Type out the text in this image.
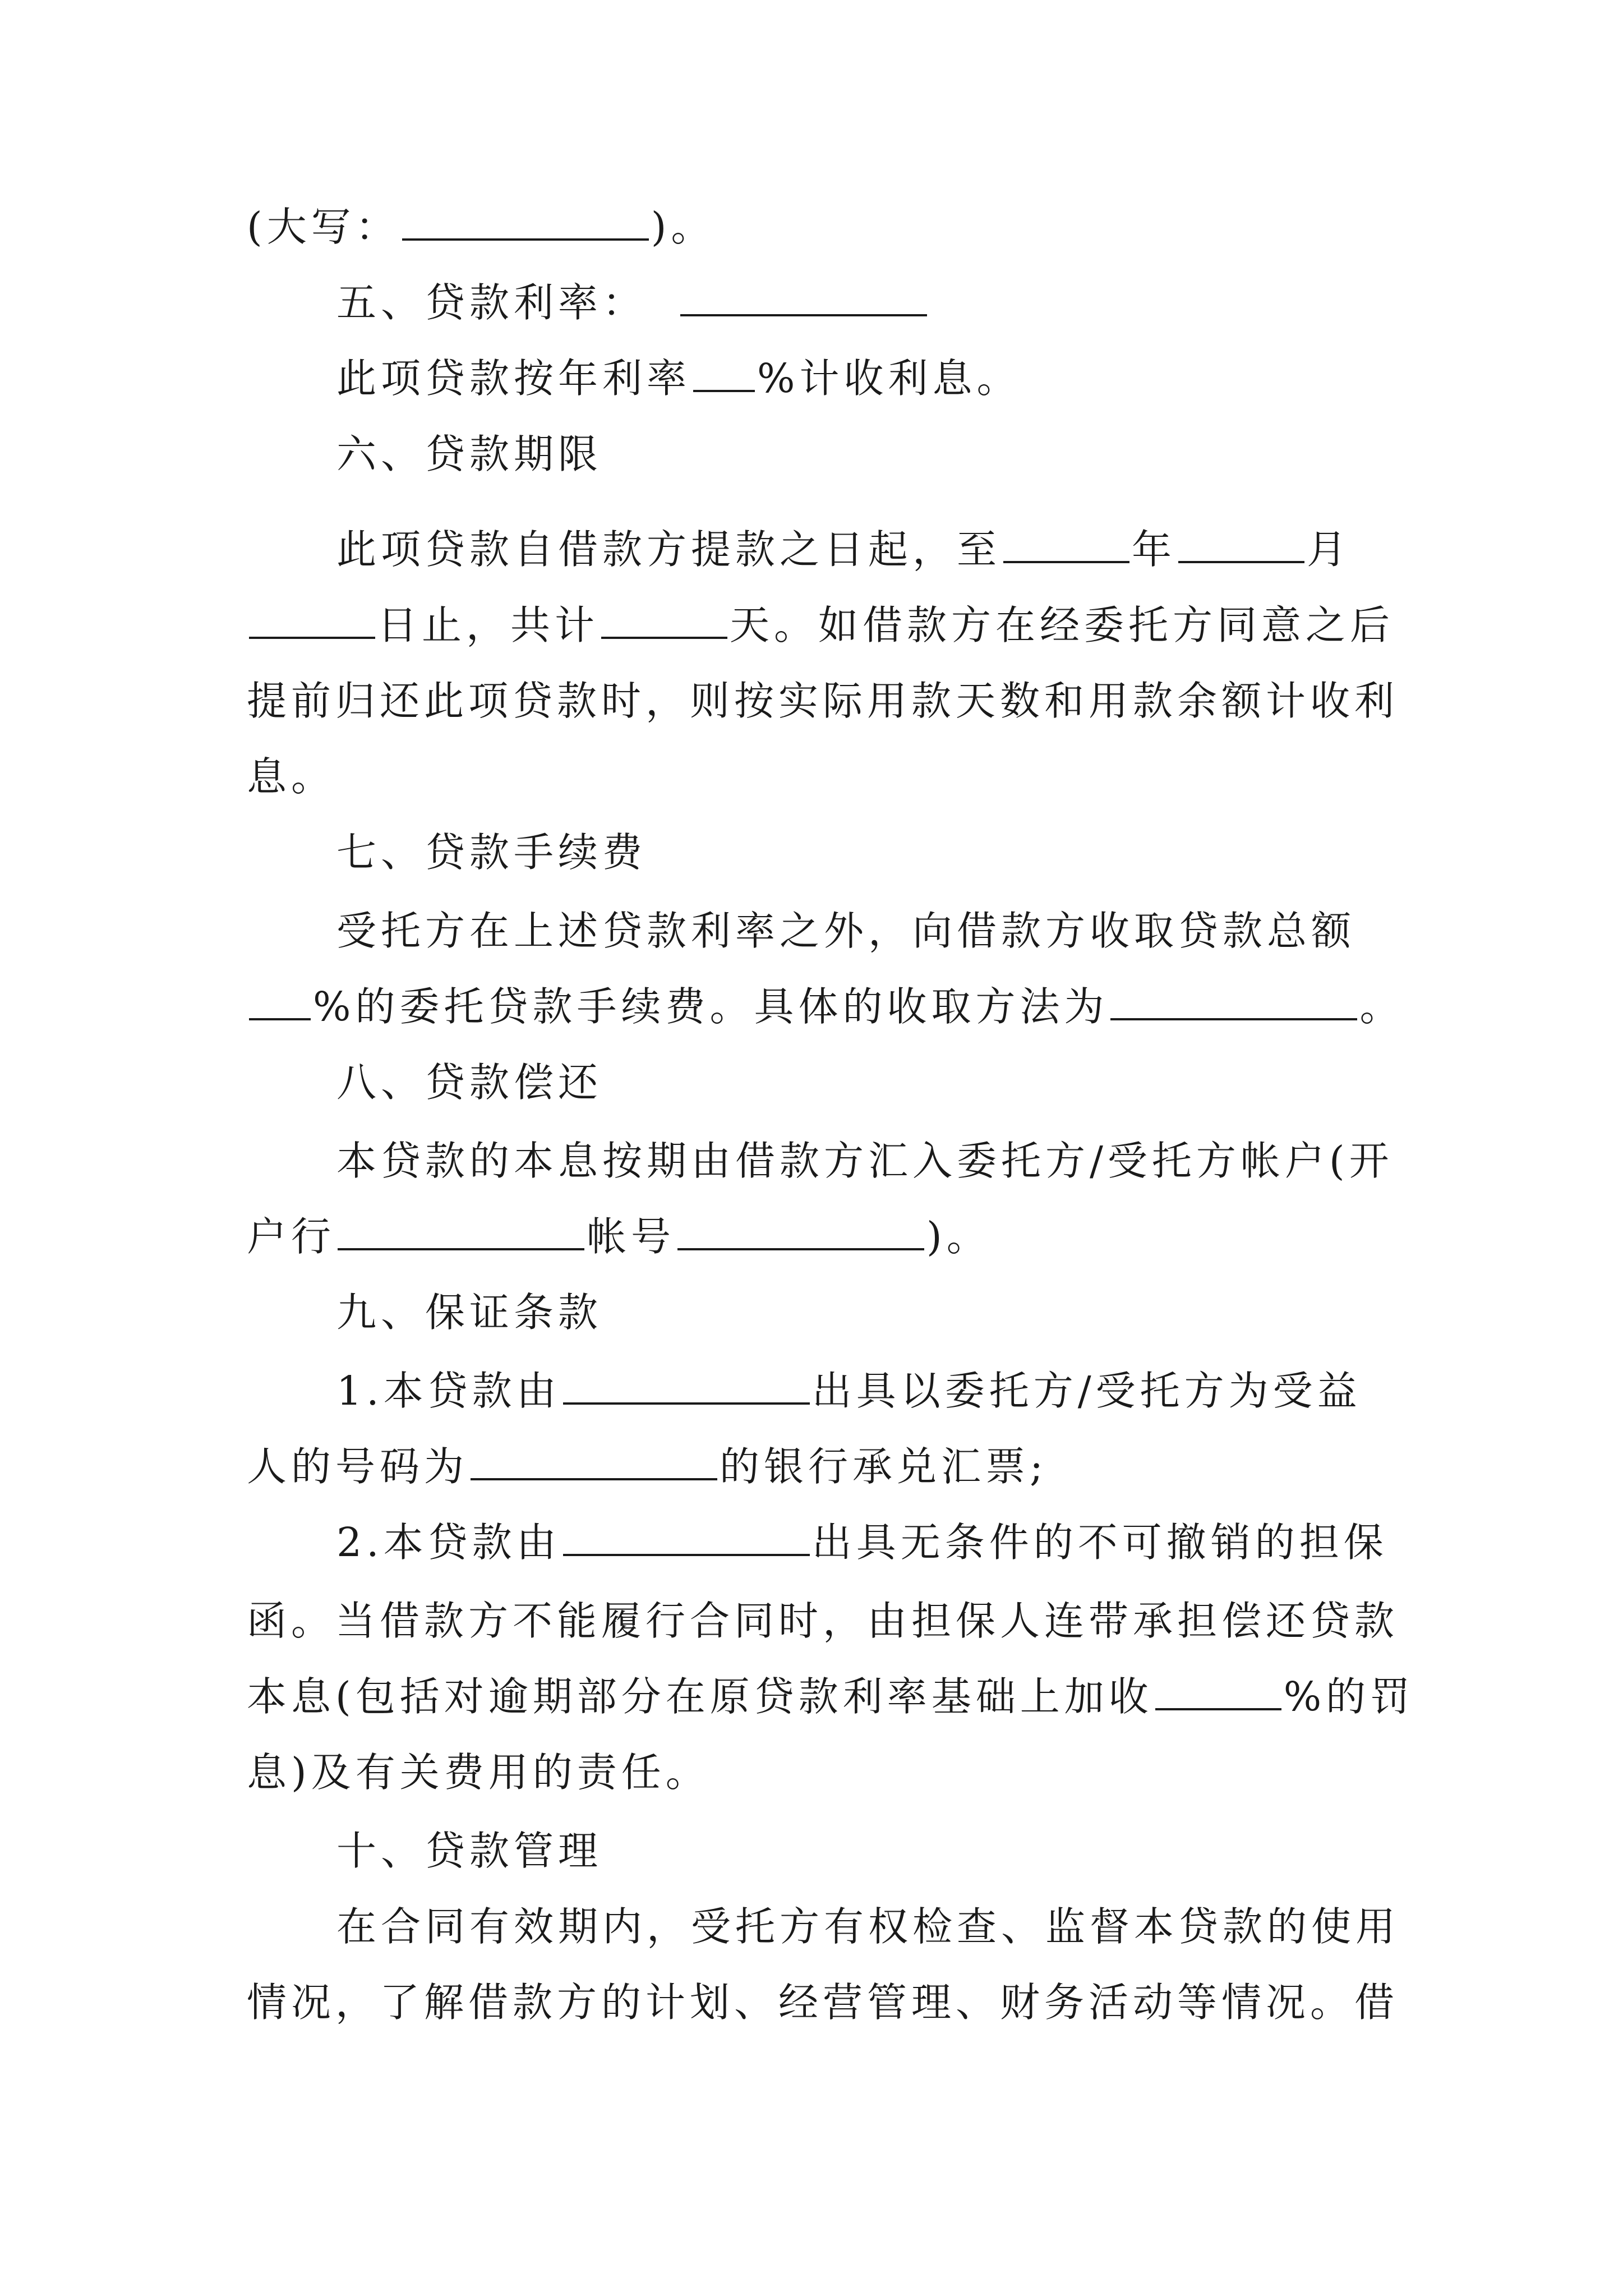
(大写：	)。
五、贷款利率：
此项贷款按年利率 %计收利息。
六、贷款期限
此项贷款自借款方提款之日起，至	年	月
日止，共计	天。如借款方在经委托方同意之后
提前归还此项贷款时，则按实际用款天数和用款余额计收利
息。
七、贷款手续费
受托方在上述贷款利率之外，向借款方收取贷款总额
%的委托贷款手续费。具体的收取方法为	。
八、贷款偿还
本贷款的本息按期由借款方汇入委托方/受托方帐户(开
户行	帐号	)。
九、保证条款
1.本贷款由	出具以委托方/受托方为受益
人的号码为	的银行承兑汇票;
2.本贷款由	出具无条件的不可撤销的担保
函。当借款方不能履行合同时，由担保人连带承担偿还贷款
本息(包括对逾期部分在原贷款利率基础上加收	%的罚
息)及有关费用的责任。
十、贷款管理
在合同有效期内，受托方有权检查、监督本贷款的使用
情况，了解借款方的计划、经营管理、财务活动等情况。借
